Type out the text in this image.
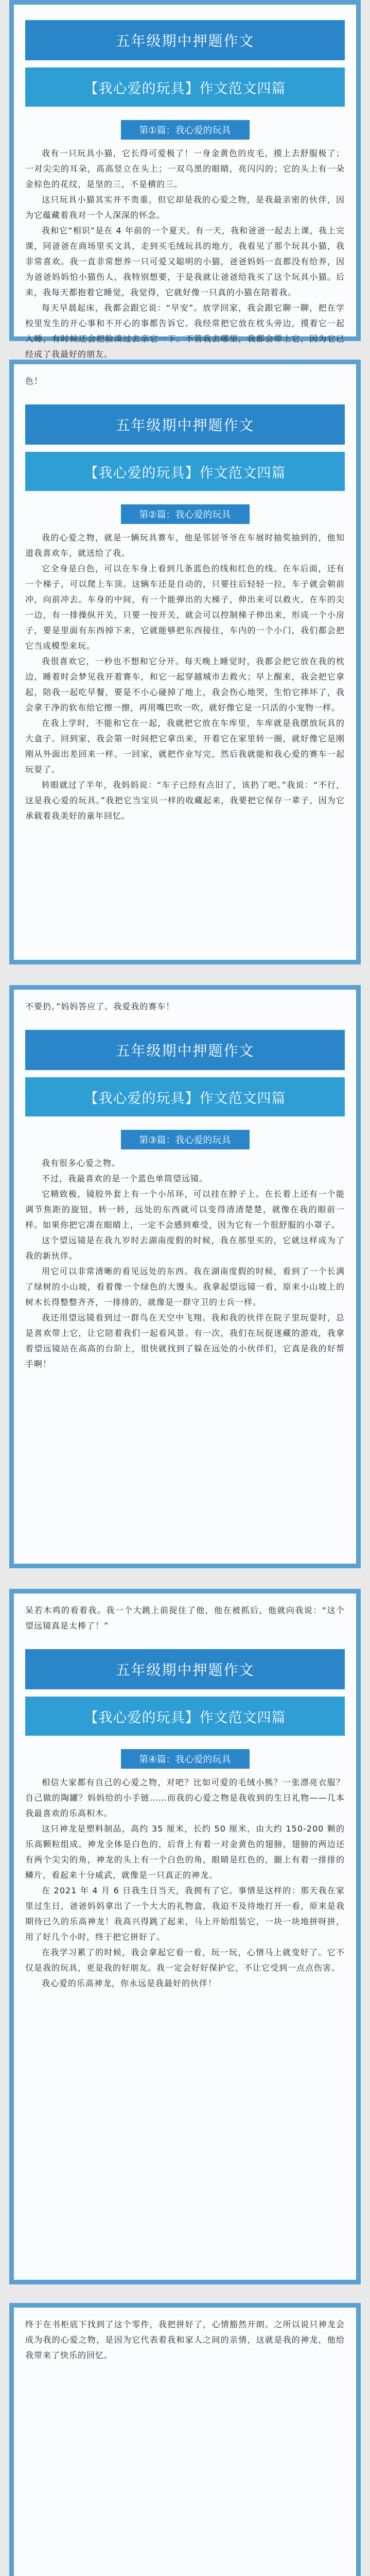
五年级期中押题作文
【我心爱的玩具】作文范文四篇
第①篇：我心爱的玩具

我有一只玩具小猫，它长得可爱极了！一身金黄色的皮毛，摸上去舒服极了；一对尖尖的耳朵，高高竖立在头上；一双乌黑的眼睛，亮闪闪的；它的头上有一朵金棕色的花纹，是坚的三，不是横的三。

这只玩具小猫其实并不贵重，但它却是我的心爱之物，是我最亲密的伙伴，因为它蕴藏着我对一个人深深的怀念。

我和它“相识”是在 4 年前的一个夏天。有一天，我和爸爸一起去上课，我上完课，同爸爸在商场里买文具，走到买毛绒玩具的地方，我看见了那个玩具小猫，我非常喜欢。我一直非常想养一只可爱又聪明的小猫，爸爸妈妈一直都没有给养，因为爸爸妈妈怕小猫伤人，我特别想要，于是我就让爸爸给我买了这个玩具小猫。后来，我每天都抱着它睡觉，我觉得，它就好像一只真的小猫在陪着我。

每天早晨起床，我都会跟它说：“早安”。放学回家，我会跟它聊一聊，把在学校里发生的开心事和不开心的事都告诉它。我经常把它放在枕头旁边，摸着它一起入睡，有时候还会把脸凑过去亲它一下。不管我去哪里，我都会带上它，因为它已经成了我最好的朋友。

色！

五年级期中押题作文
【我心爱的玩具】作文范文四篇
第②篇：我心爱的玩具

我的心爱之物，就是一辆玩具赛车，他是邻居爷爷在车展时抽奖抽到的，他知道我喜欢车，就送给了我。

它全身是白色，可以在车身上看到几条蓝色的线和红色的线。在车后面，还有一个梯子，可以爬上车顶。这辆车还是自动的，只要往后轻轻一拉，车子就会朝前冲，向前冲去。车身的中间，有一个能弹出的大梯子，伸出来可以救火。在车的尖一边，有一排操纵开关，只要一按开关，就会可以控制梯子伸出来，形成一个小房子，要是里面有东西掉下来，它就能够把东西接住，车内的一个小门，我们都会把它当成模型来玩。

我很喜欢它，一秒也不想和它分开。每天晚上睡觉时，我都会把它放在我的枕边，睡着时会梦见我开着赛车，和它一起穿越城市去救火；早上醒来，我会把它拿起，陪我一起吃早餐，要是不小心碰掉了地上，我会伤心地哭，生怕它摔坏了，我会拿干净的软布给它擦一擦，再用嘴巴吹一吹，就好像它是一只活的小宠物一样。

在我上学时，不能和它在一起，我就把它放在车库里，车库就是我摆放玩具的大盒子。回到家，我会第一时间把它拿出来，开着它在家里转一圈，就好像它是刚刚从外面出差回来一样。一回家，就把作业写完，然后我就能和我心爱的赛车一起玩耍了。

转眼就过了半年，我妈妈说：“车子已经有点旧了，该扔了吧。”我说：“不行，这是我心爱的玩具。”我把它当宝贝一样的收藏起来，我要把它保存一辈子，因为它承载着我美好的童年回忆。

不要扔。”妈妈答应了。我爱我的赛车！

五年级期中押题作文
【我心爱的玩具】作文范文四篇
第③篇：我心爱的玩具

我有很多心爱之物。

不过，我最喜欢的是一个蓝色单筒望远镜。

它精致极，镜胶外套上有一个小吊环，可以挂在脖子上。在长着上还有一个能调节焦距的旋钮，转一转，远处的东西就可以变得清清楚楚，就像在我的眼前一样。如果你把它凑在眼睛上，一定不会感到难受，因为它有一个很舒服的小罩子。

这个望远镜是在我九岁时去湖南度假的时候，我在那里买的，它就这样成为了我的新伙伴。

用它可以非常清晰的看见远处的东西。我在湖南度假的时候，看到了一个长满了绿树的小山坡，看着像一个绿色的大馒头。我拿起望远镜一看，原来小山坡上的树木长得整整齐齐，一排排的，就像是一群守卫的士兵一样。

我还用望远镜看到过一群鸟在天空中飞翔。我和我的伙伴在院子里玩耍时，总是喜欢带上它，让它陪着我们一起看风景。有一次，我们在玩捉迷藏的游戏，我拿着望远镜站在高高的台阶上，很快就找到了躲在远处的小伙伴们，它真是我的好帮手啊！

呆若木鸡的看着我。我一个大跳上前捉住了他，他在被抓后，他就向我说：“这个望远镜真是太棒了！”

五年级期中押题作文
【我心爱的玩具】作文范文四篇
第④篇：我心爱的玩具

相信大家都有自己的心爱之物，对吧？比如可爱的毛绒小熊？一张漂亮衣服？自己做的陶罐？妈妈给的小手链……而我的心爱之物是我收到的生日礼物——几本我最喜欢的乐高积木。

这只神龙是塑料制品，高约 35 厘米，长约 50 厘米，由大约 150-200 颗的乐高颗粒组成。神龙全体是白色的，后背上有着一对金黄色的翅膀，翅膀的两边还有两个尖尖的角，神龙的头上有一个白色的角，眼睛是红色的，腿上有着一排排的鳞片，看起来十分威武，就像是一只真正的神龙。

在 2021 年 4 月 6 日我生日当天，我拥有了它。事情是这样的：那天我在家里过生日，爸爸妈妈拿出了一个大大的礼物盒，我迫不及待地打开一看，原来是我期待已久的乐高神龙！我高兴得跳了起来，马上开始组装它，一块一块地拼呀拼，用了好几个小时，终于把它拼好了。

在我学习累了的时候，我会拿起它看一看，玩一玩，心情马上就变好了。它不仅是我的玩具，更是我的好朋友。我一定会好好保护它，不让它受到一点点伤害。

我心爱的乐高神龙，你永远是我最好的伙伴！

终于在书柜底下找到了这个零件，我把拼好了，心情豁然开朗。之所以说只神龙会成为我的心爱之物，是因为它代表着我和家人之间的亲情，这就是我的神龙，他给我带来了快乐的回忆。
